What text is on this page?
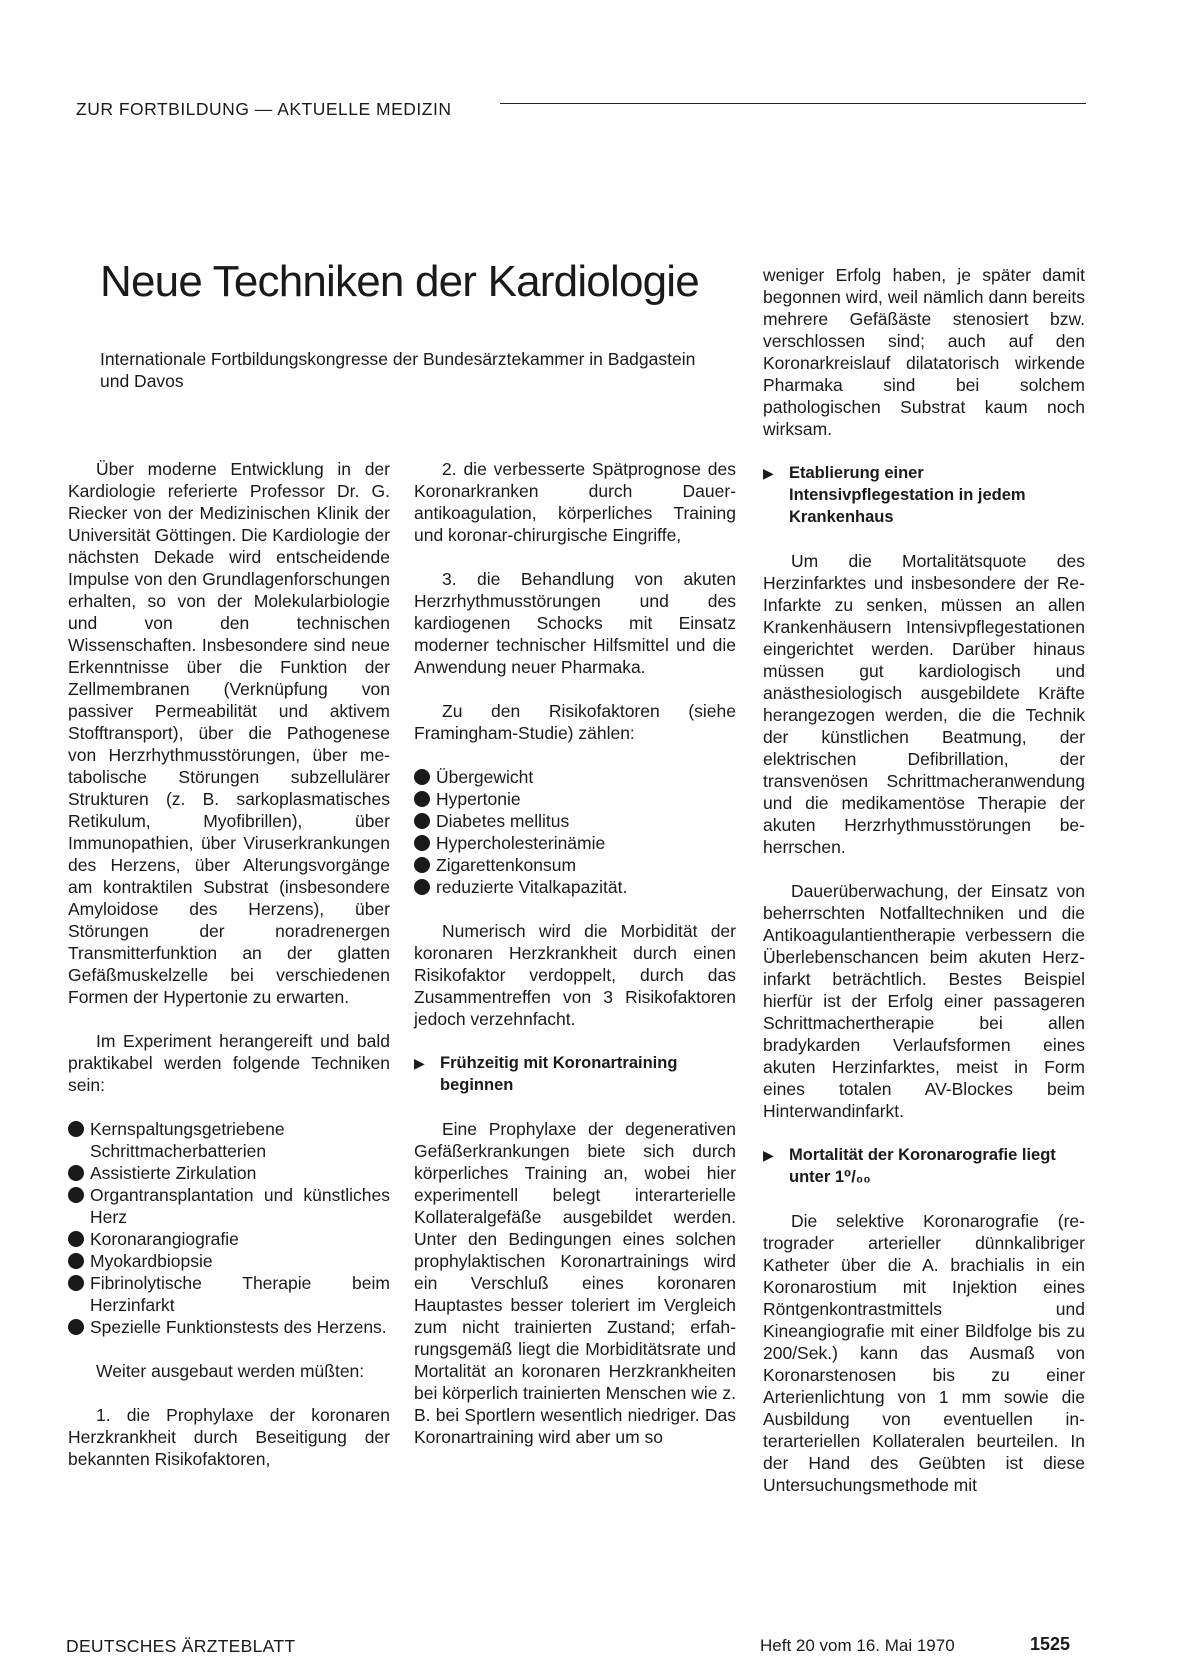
ZUR FORTBILDUNG — AKTUELLE MEDIZIN
Neue Techniken der Kardiologie
Internationale Fortbildungskongresse der Bundesärztekammer in Badgastein und Davos

Über moderne Entwicklung in der Kardiologie referierte Professor Dr. G. Riecker von der Medizinischen Klinik der Universität Göttingen. Die Kardiologie der nächsten Dekade wird entscheidende Impulse von den Grundlagenforschungen erhalten, so von der Molekularbiologie und von den technischen Wissenschaften. Insbesondere sind neue Erkenntnisse über die Funktion der Zellmembranen (Verknüpfung von passiver Permeabilität und aktivem Stofftransport), über die Pathogenese von Herzrhythmusstörungen, über metabolische Störungen subzellulärer Strukturen (z. B. sarkoplasmatisches Retikulum, Myofibrillen), über Immunopathien, über Viruserkrankungen des Herzens, über Alterungsvorgänge am kontraktilen Substrat (insbesondere Amyloidose des Herzens), über Störungen der noradrenergen Transmitterfunktion an der glatten Gefäßmuskelzelle bei verschiedenen Formen der Hypertonie zu erwarten.

Im Experiment herangereift und bald praktikabel werden folgende Techniken sein:

Kernspaltungsgetriebene Schrittmacherbatterien
Assistierte Zirkulation
Organtransplantation und künstliches Herz
Koronarangiografie
Myokardbiopsie
Fibrinolytische Therapie beim Herzinfarkt
Spezielle Funktionstests des Herzens.

Weiter ausgebaut werden müßten:

1. die Prophylaxe der koronaren Herzkrankheit durch Beseitigung der bekannten Risikofaktoren,

2. die verbesserte Spätprognose des Koronarkranken durch Dauerantikoagulation, körperliches Training und koronar-chirurgische Eingriffe,

3. die Behandlung von akuten Herzrhythmusstörungen und des kardiogenen Schocks mit Einsatz moderner technischer Hilfsmittel und die Anwendung neuer Pharmaka.

Zu den Risikofaktoren (siehe Framingham-Studie) zählen:

Übergewicht
Hypertonie
Diabetes mellitus
Hypercholesterinämie
Zigarettenkonsum
reduzierte Vitalkapazität.

Numerisch wird die Morbidität der koronaren Herzkrankheit durch einen Risikofaktor verdoppelt, durch das Zusammentreffen von 3 Risikofaktoren jedoch verzehnfacht.

▶ Frühzeitig mit Koronartraining beginnen

Eine Prophylaxe der degenerativen Gefäßerkrankungen biete sich durch körperliches Training an, wobei hier experimentell belegt interarterielle Kollateralgefäße ausgebildet werden. Unter den Bedingungen eines solchen prophylaktischen Koronartrainings wird ein Verschluß eines koronaren Hauptastes besser toleriert im Vergleich zum nicht trainierten Zustand; erfahrungsgemäß liegt die Morbiditätsrate und Mortalität an koronaren Herzkrankheiten bei körperlich trainierten Menschen wie z. B. bei Sportlern wesentlich niedriger. Das Koronartraining wird aber um so

weniger Erfolg haben, je später damit begonnen wird, weil nämlich dann bereits mehrere Gefäßäste stenosiert bzw. verschlossen sind; auch auf den Koronarkreislauf dilatatorisch wirkende Pharmaka sind bei solchem pathologischen Substrat kaum noch wirksam.

▶ Etablierung einer Intensivpflegestation in jedem Krankenhaus

Um die Mortalitätsquote des Herzinfarktes und insbesondere der Re-Infarkte zu senken, müssen an allen Krankenhäusern Intensivpflegestationen eingerichtet werden. Darüber hinaus müssen gut kardiologisch und anästhesiologisch ausgebildete Kräfte herangezogen werden, die die Technik der künstlichen Beatmung, der elektrischen Defibrillation, der transvenösen Schrittmacheranwendung und die medikamentöse Therapie der akuten Herzrhythmusstörungen beherrschen.

Dauerüberwachung, der Einsatz von beherrschten Notfalltechniken und die Antikoagulantientherapie verbessern die Überlebenschancen beim akuten Herzinfarkt beträchtlich. Bestes Beispiel hierfür ist der Erfolg einer passageren Schrittmachertherapie bei allen bradykarden Verlaufsformen eines akuten Herzinfarktes, meist in Form eines totalen AV-Blockes beim Hinterwandinfarkt.

▶ Mortalität der Koronarografie liegt unter 1⁰/₀₀

Die selektive Koronarografie (retrograder arterieller dünnkalibriger Katheter über die A. brachialis in ein Koronarostium mit Injektion eines Röntgenkontrastmittels und Kineangiografie mit einer Bildfolge bis zu 200/Sek.) kann das Ausmaß von Koronarstenosen bis zu einer Arterienlichtung von 1 mm sowie die Ausbildung von eventuellen interarteriellen Kollateralen beurteilen. In der Hand des Geübten ist diese Untersuchungsmethode mit

DEUTSCHES ÄRZTEBLATT	Heft 20 vom 16. Mai 1970	1525
